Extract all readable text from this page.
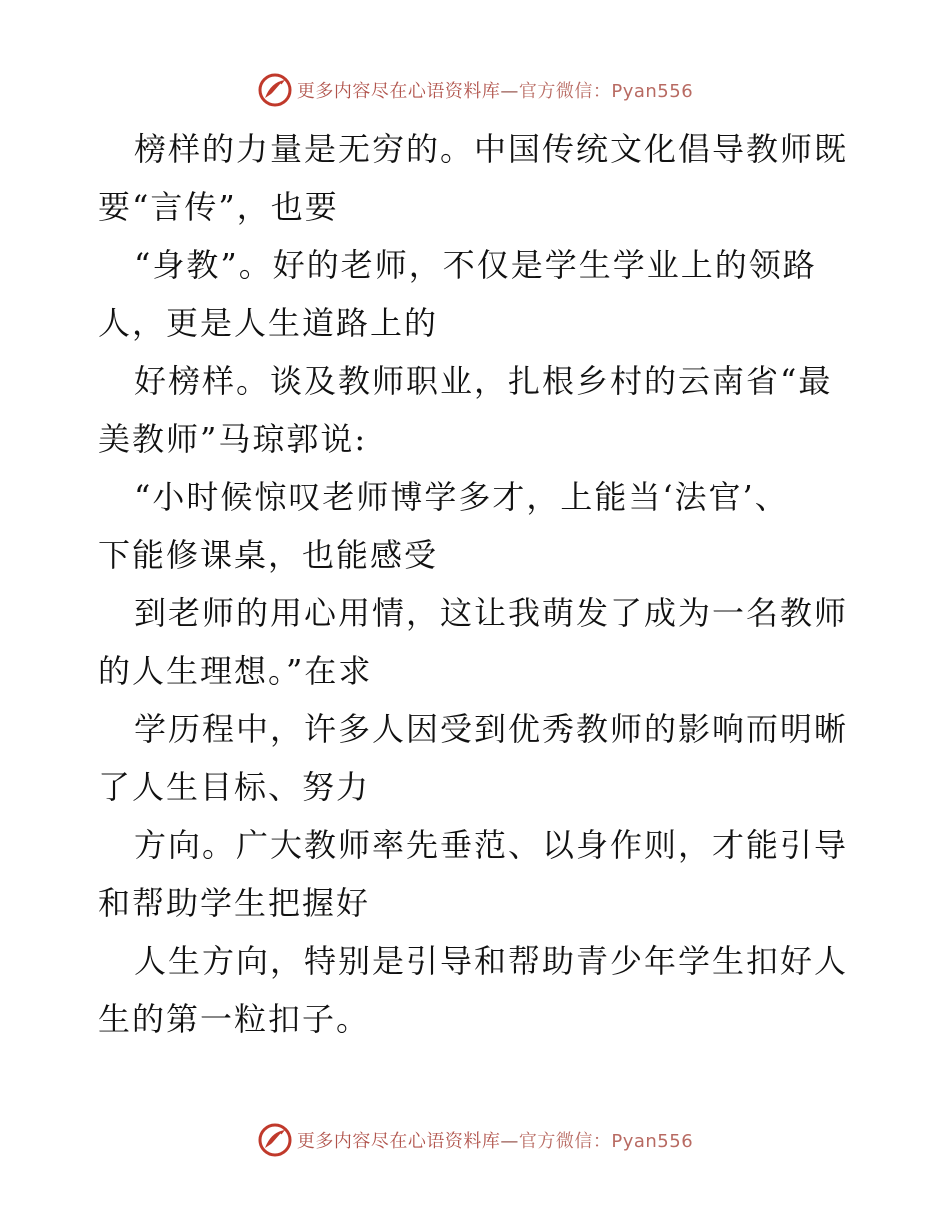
更多内容尽在心语资料库—官方微信：Pyan556
榜样的力量是无穷的。中国传统文化倡导教师既
要“言传”，也要
“身教”。好的老师，不仅是学生学业上的领路
人，更是人生道路上的
好榜样。谈及教师职业，扎根乡村的云南省“最
美教师”马琼郭说:
“小时候惊叹老师博学多才，上能当‘法官’、
下能修课桌，也能感受
到老师的用心用情，这让我萌发了成为一名教师
的人生理想。”在求
学历程中，许多人因受到优秀教师的影响而明晰
了人生目标、努力
方向。广大教师率先垂范、以身作则，才能引导
和帮助学生把握好
人生方向，特别是引导和帮助青少年学生扣好人
生的第一粒扣子。
更多内容尽在心语资料库—官方微信：Pyan556
